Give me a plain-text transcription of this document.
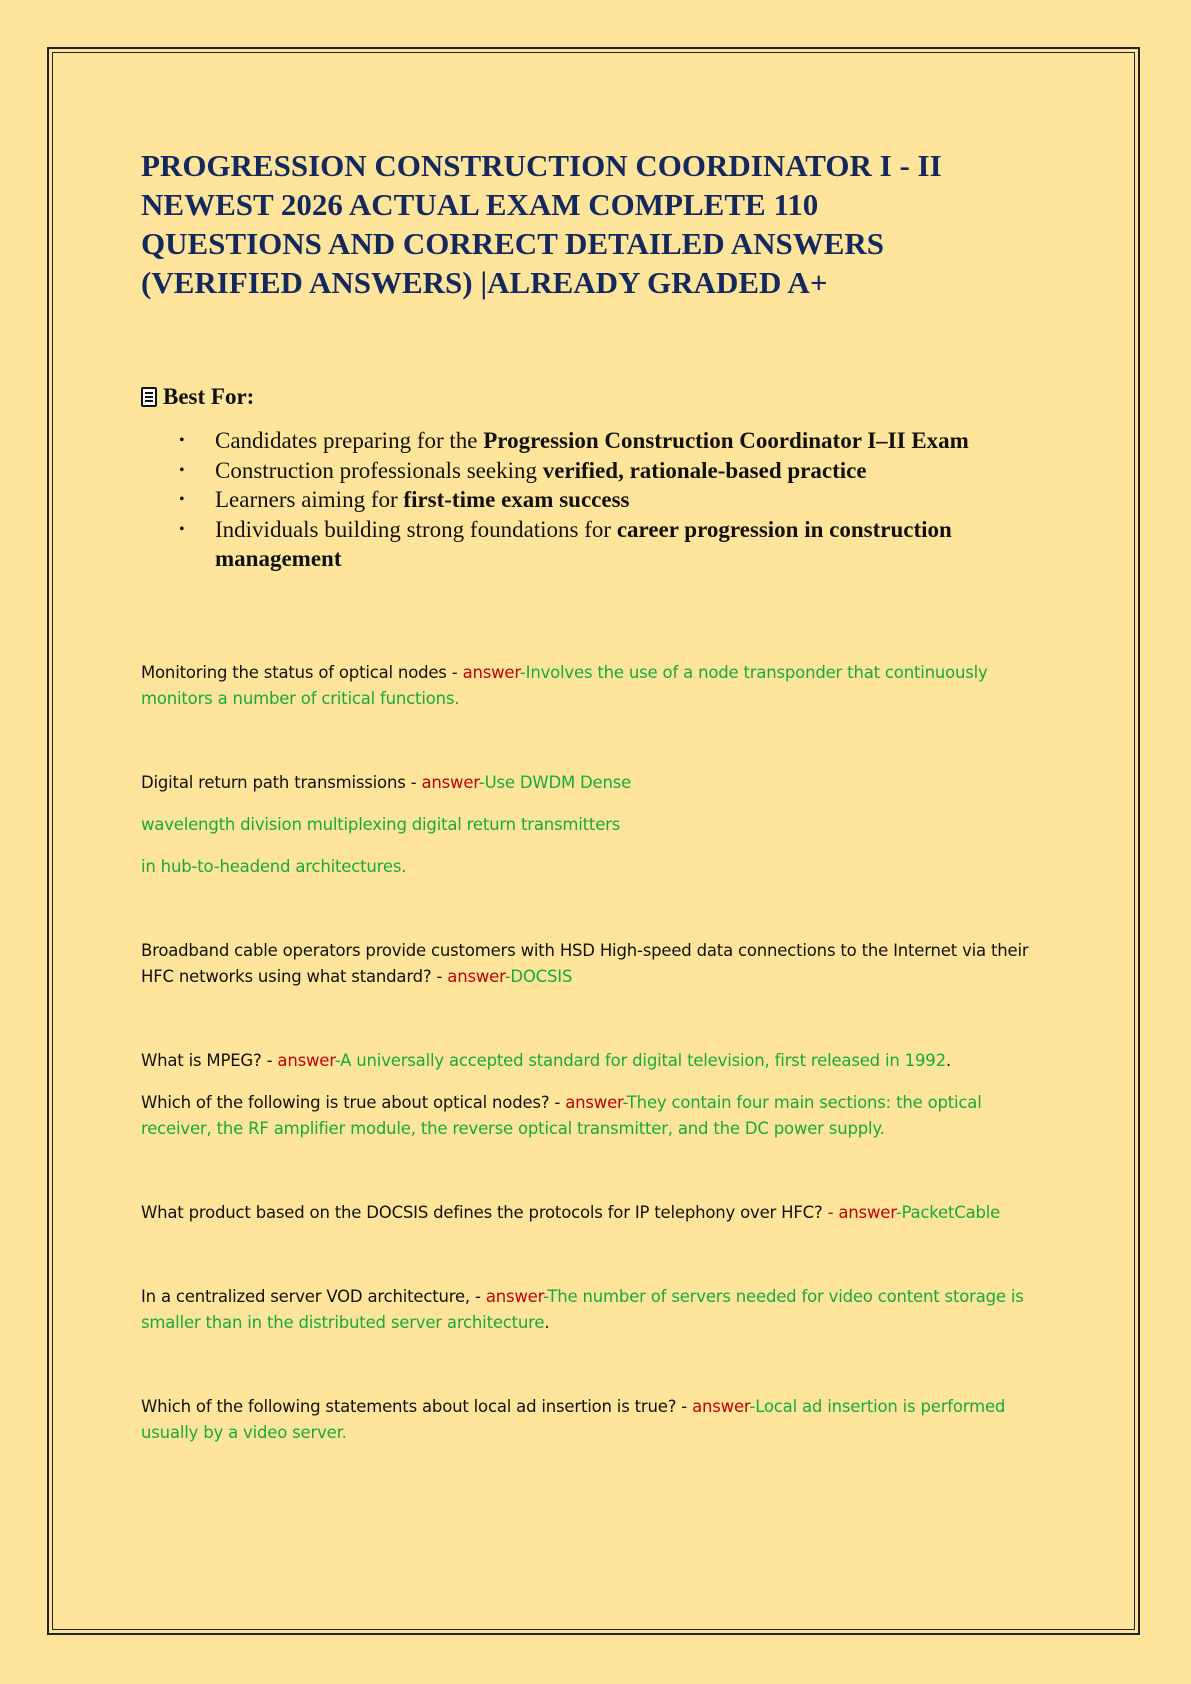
PROGRESSION CONSTRUCTION COORDINATOR I - II NEWEST 2026 ACTUAL EXAM COMPLETE 110 QUESTIONS AND CORRECT DETAILED ANSWERS (VERIFIED ANSWERS) |ALREADY GRADED A+
Best For:
• Candidates preparing for the Progression Construction Coordinator I–II Exam
• Construction professionals seeking verified, rationale-based practice
• Learners aiming for first-time exam success
• Individuals building strong foundations for career progression in construction management

Monitoring the status of optical nodes - answer-Involves the use of a node transponder that continuously monitors a number of critical functions.

Digital return path transmissions - answer-Use DWDM Dense

wavelength division multiplexing digital return transmitters

in hub-to-headend architectures.

Broadband cable operators provide customers with HSD High-speed data connections to the Internet via their HFC networks using what standard? - answer-DOCSIS

What is MPEG? - answer-A universally accepted standard for digital television, first released in 1992.

Which of the following is true about optical nodes? - answer-They contain four main sections: the optical receiver, the RF amplifier module, the reverse optical transmitter, and the DC power supply.

What product based on the DOCSIS defines the protocols for IP telephony over HFC? - answer-PacketCable

In a centralized server VOD architecture, - answer-The number of servers needed for video content storage is smaller than in the distributed server architecture.

Which of the following statements about local ad insertion is true? - answer-Local ad insertion is performed usually by a video server.
